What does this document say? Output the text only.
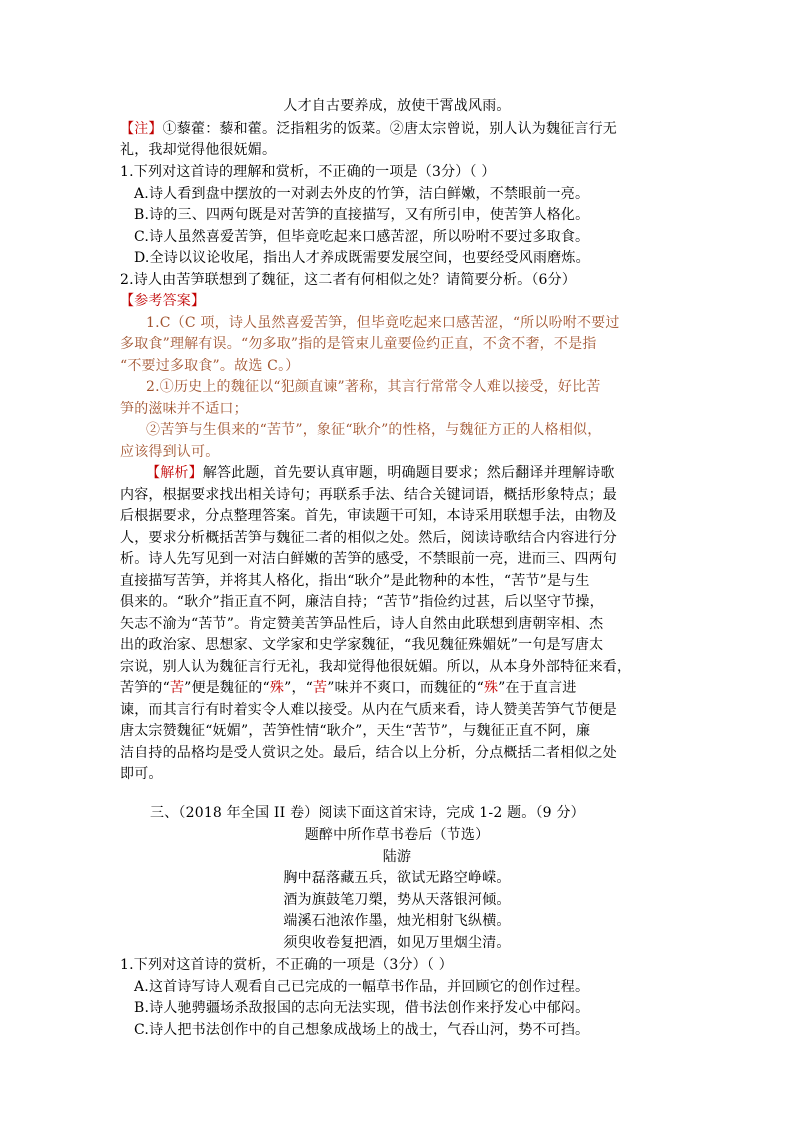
人才自古要养成，放使干霄战风雨。
【注】①藜藿：藜和藿。泛指粗劣的饭菜。②唐太宗曾说，别人认为魏征言行无
礼，我却觉得他很妩媚。
1.下列对这首诗的理解和赏析，不正确的一项是（3分）（ ）
A.诗人看到盘中摆放的一对剥去外皮的竹笋，洁白鲜嫩，不禁眼前一亮。
B.诗的三、四两句既是对苦笋的直接描写，又有所引申，使苦笋人格化。
C.诗人虽然喜爱苦笋，但毕竟吃起来口感苦涩，所以吩咐不要过多取食。
D.全诗以议论收尾，指出人才养成既需要发展空间，也要经受风雨磨炼。
2.诗人由苦笋联想到了魏征，这二者有何相似之处？请简要分析。（6分）
【参考答案】
1.C（C 项，诗人虽然喜爱苦笋，但毕竟吃起来口感苦涩，“所以吩咐不要过
多取食”理解有误。“勿多取”指的是管束儿童要俭约正直，不贪不奢，不是指
“不要过多取食”。故选 C。）
2.①历史上的魏征以“犯颜直谏”著称，其言行常常令人难以接受，好比苦
笋的滋味并不适口；
②苦笋与生俱来的“苦节”，象征“耿介”的性格，与魏征方正的人格相似，
应该得到认可。
【解析】解答此题，首先要认真审题，明确题目要求；然后翻译并理解诗歌
内容，根据要求找出相关诗句；再联系手法、结合关键词语，概括形象特点；最
后根据要求，分点整理答案。首先，审读题干可知，本诗采用联想手法，由物及
人，要求分析概括苦笋与魏征二者的相似之处。然后，阅读诗歌结合内容进行分
析。诗人先写见到一对洁白鲜嫩的苦笋的感受，不禁眼前一亮，进而三、四两句
直接描写苦笋，并将其人格化，指出“耿介”是此物种的本性，“苦节”是与生
俱来的。“耿介”指正直不阿，廉洁自持；“苦节”指俭约过甚，后以坚守节操，
矢志不渝为“苦节”。肯定赞美苦笋品性后，诗人自然由此联想到唐朝宰相、杰
出的政治家、思想家、文学家和史学家魏征，“我见魏征殊媚妩”一句是写唐太
宗说，别人认为魏征言行无礼，我却觉得他很妩媚。所以，从本身外部特征来看，
苦笋的“苦”便是魏征的“殊”，“苦”味并不爽口，而魏征的“殊”在于直言进
谏，而其言行有时着实令人难以接受。从内在气质来看，诗人赞美苦笋气节便是
唐太宗赞魏征“妩媚”，苦笋性情“耿介”，天生“苦节”，与魏征正直不阿，廉
洁自持的品格均是受人赏识之处。最后，结合以上分析，分点概括二者相似之处
即可。
三、（2018 年全国 II 卷）阅读下面这首宋诗，完成 1-2 题。（9 分）
题醉中所作草书卷后（节选）
陆游
胸中磊落藏五兵，欲试无路空峥嵘。
酒为旗鼓笔刀槊，势从天落银河倾。
端溪石池浓作墨，烛光相射飞纵横。
须臾收卷复把酒，如见万里烟尘清。
1.下列对这首诗的赏析，不正确的一项是（3分）（ ）
A.这首诗写诗人观看自己已完成的一幅草书作品，并回顾它的创作过程。
B.诗人驰骋疆场杀敌报国的志向无法实现，借书法创作来抒发心中郁闷。
C.诗人把书法创作中的自己想象成战场上的战士，气吞山河，势不可挡。
